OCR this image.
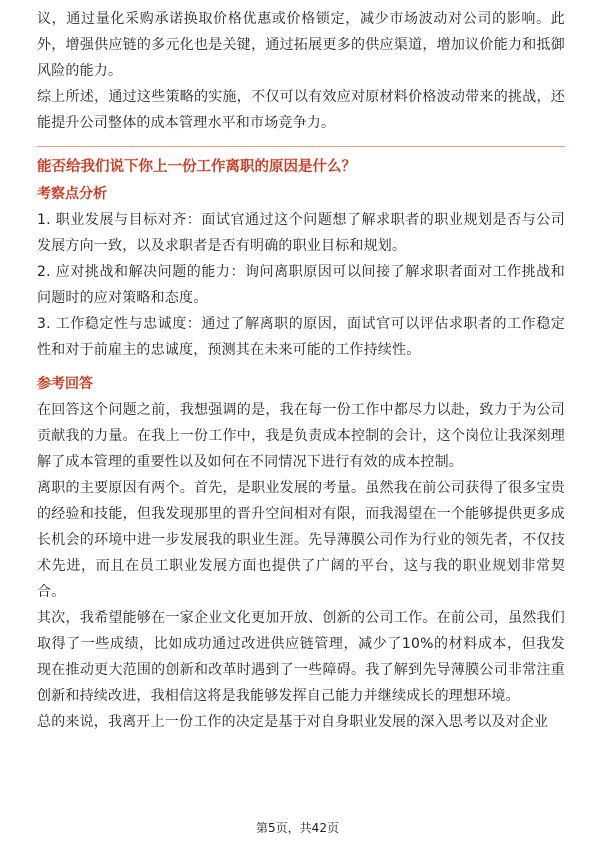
议，通过量化采购承诺换取价格优惠或价格锁定，减少市场波动对公司的影响。此外，增强供应链的多元化也是关键，通过拓展更多的供应渠道，增加议价能力和抵御风险的能力。

综上所述，通过这些策略的实施，不仅可以有效应对原材料价格波动带来的挑战，还能提升公司整体的成本管理水平和市场竞争力。

能否给我们说下你上一份工作离职的原因是什么？

考察点分析

1. 职业发展与目标对齐：面试官通过这个问题想了解求职者的职业规划是否与公司发展方向一致，以及求职者是否有明确的职业目标和规划。

2. 应对挑战和解决问题的能力：询问离职原因可以间接了解求职者面对工作挑战和问题时的应对策略和态度。

3. 工作稳定性与忠诚度：通过了解离职的原因，面试官可以评估求职者的工作稳定性和对于前雇主的忠诚度，预测其在未来可能的工作持续性。

参考回答

在回答这个问题之前，我想强调的是，我在每一份工作中都尽力以赴，致力于为公司贡献我的力量。在我上一份工作中，我是负责成本控制的会计，这个岗位让我深刻理解了成本管理的重要性以及如何在不同情况下进行有效的成本控制。

离职的主要原因有两个。首先，是职业发展的考量。虽然我在前公司获得了很多宝贵的经验和技能，但我发现那里的晋升空间相对有限，而我渴望在一个能够提供更多成长机会的环境中进一步发展我的职业生涯。先导薄膜公司作为行业的领先者，不仅技术先进，而且在员工职业发展方面也提供了广阔的平台，这与我的职业规划非常契合。

其次，我希望能够在一家企业文化更加开放、创新的公司工作。在前公司，虽然我们取得了一些成绩，比如成功通过改进供应链管理，减少了10%的材料成本，但我发现在推动更大范围的创新和改革时遇到了一些障碍。我了解到先导薄膜公司非常注重创新和持续改进，我相信这将是我能够发挥自己能力并继续成长的理想环境。

总的来说，我离开上一份工作的决定是基于对自身职业发展的深入思考以及对企业

第5页，共42页
